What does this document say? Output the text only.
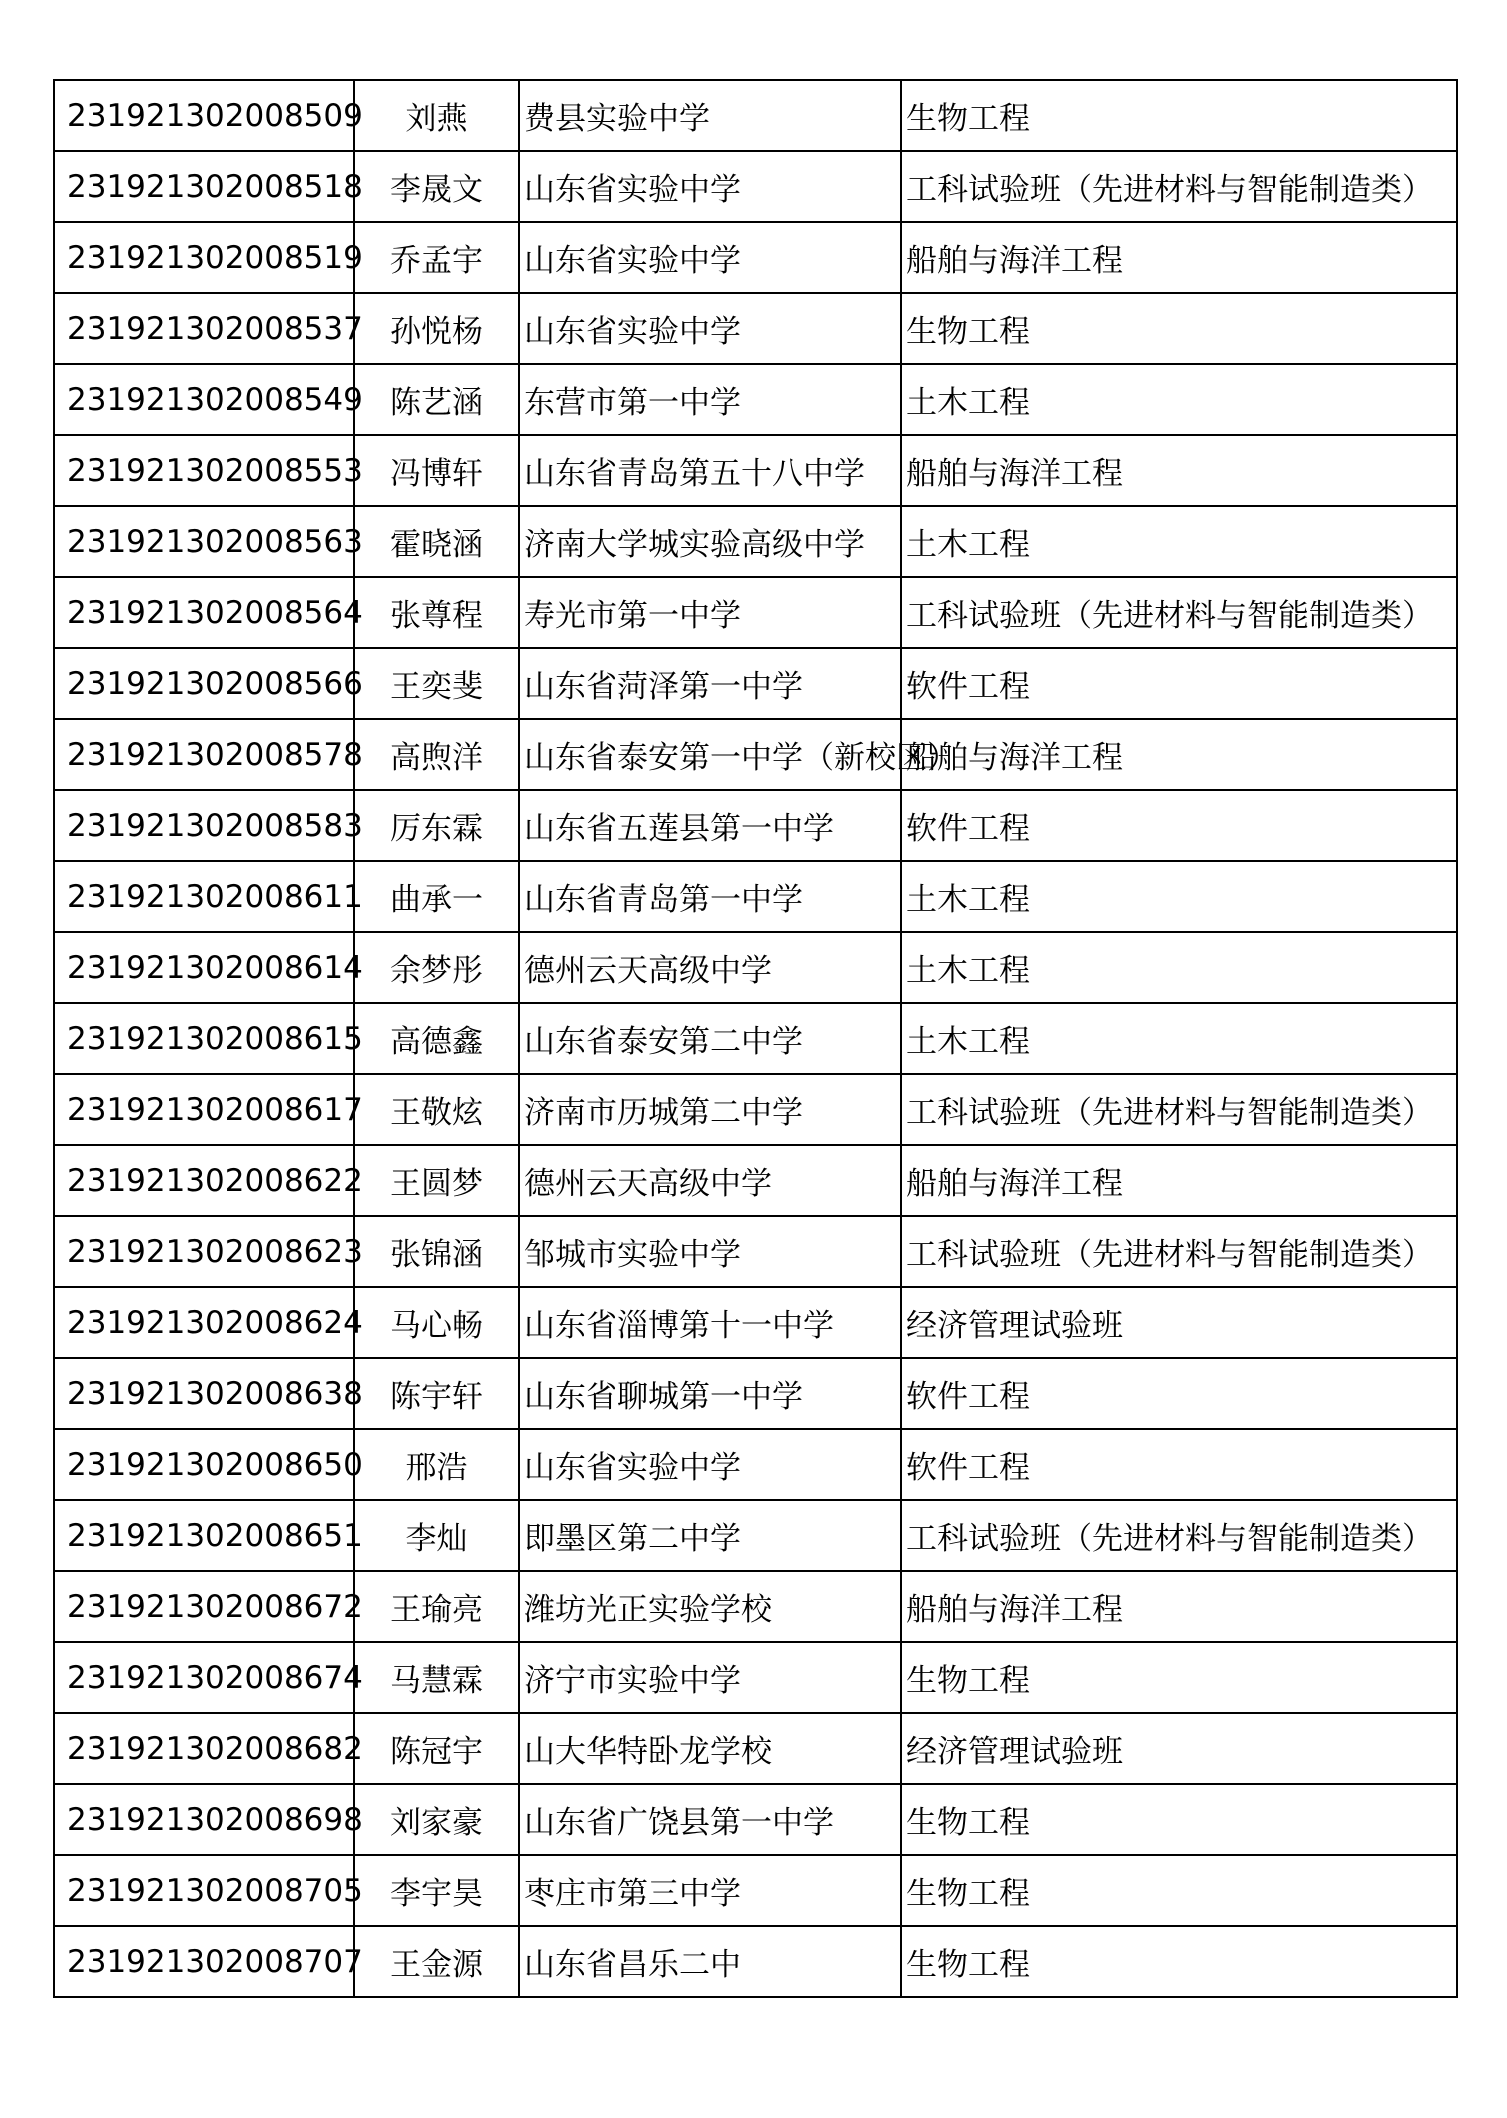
231921302008509	刘燕	费县实验中学	生物工程
231921302008518	李晟文	山东省实验中学	工科试验班（先进材料与智能制造类）
231921302008519	乔孟宇	山东省实验中学	船舶与海洋工程
231921302008537	孙悦杨	山东省实验中学	生物工程
231921302008549	陈艺涵	东营市第一中学	土木工程
231921302008553	冯博轩	山东省青岛第五十八中学	船舶与海洋工程
231921302008563	霍晓涵	济南大学城实验高级中学	土木工程
231921302008564	张尊程	寿光市第一中学	工科试验班（先进材料与智能制造类）
231921302008566	王奕斐	山东省菏泽第一中学	软件工程
231921302008578	高煦洋	山东省泰安第一中学（新校区）	船舶与海洋工程
231921302008583	厉东霖	山东省五莲县第一中学	软件工程
231921302008611	曲承一	山东省青岛第一中学	土木工程
231921302008614	余梦彤	德州云天高级中学	土木工程
231921302008615	高德鑫	山东省泰安第二中学	土木工程
231921302008617	王敬炫	济南市历城第二中学	工科试验班（先进材料与智能制造类）
231921302008622	王圆梦	德州云天高级中学	船舶与海洋工程
231921302008623	张锦涵	邹城市实验中学	工科试验班（先进材料与智能制造类）
231921302008624	马心畅	山东省淄博第十一中学	经济管理试验班
231921302008638	陈宇轩	山东省聊城第一中学	软件工程
231921302008650	邢浩	山东省实验中学	软件工程
231921302008651	李灿	即墨区第二中学	工科试验班（先进材料与智能制造类）
231921302008672	王瑜亮	潍坊光正实验学校	船舶与海洋工程
231921302008674	马慧霖	济宁市实验中学	生物工程
231921302008682	陈冠宇	山大华特卧龙学校	经济管理试验班
231921302008698	刘家豪	山东省广饶县第一中学	生物工程
231921302008705	李宇昊	枣庄市第三中学	生物工程
231921302008707	王金源	山东省昌乐二中	生物工程
